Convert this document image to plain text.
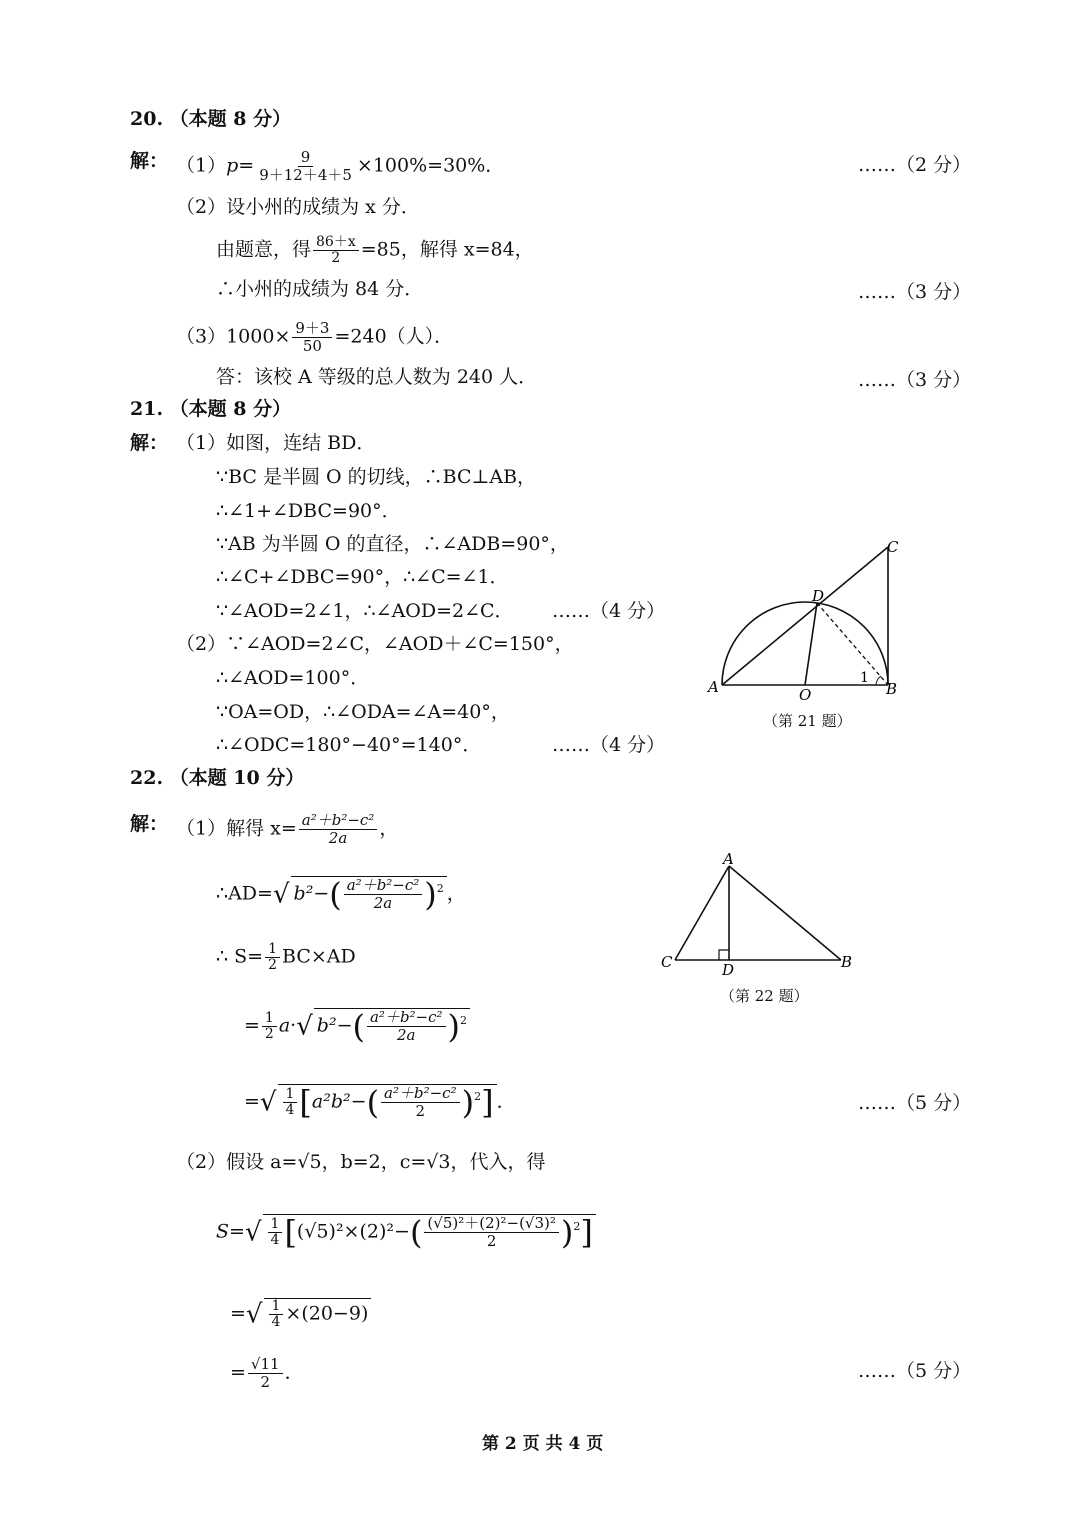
20. （本题 8 分）
解： $(1)p= \frac{9}{9+12+4+5} \times 100\%=30\%$．	……（2 分）
（2）设小州的成绩为 x 分．
由题意，得 $\frac{86+x}{2} =85$，解得 x=84，
∴小州的成绩为 84 分．	……（3 分）
$(3)1000\times \frac{9+3}{50} =240$（人）．
答：该校 A 等级的总人数为 240 人．	……（3 分）
21. （本题 8 分）
解： （1）如图，连结 BD．
∵BC 是半圆 O 的切线，∴BC⊥AB，
∴∠1+∠DBC=90°．
∵AB 为半圆 O 的直径，∴∠ADB=90°，
∴∠C+∠DBC=90°，∴∠C=∠1．
∵∠AOD=2∠1，∴∠AOD=2∠C． ……（4 分）
（2）∵∠AOD=2∠C，∠AOD＋∠C=150°，
∴∠AOD=100°．
∵OA=OD，∴∠ODA=∠A=40°，
∴∠ODC=180°−40°=140°．	……（4 分）
A	B
C
D
O
1
（第 21 题）
22. （本题 10 分）
解： （1）解得 $x= \frac{\text{a²＋b²−c²}}{2a}$ ，
∴AD=√ $b^2-( \frac{\text{a²＋b²−c²}}{2a} )^2$ ，
∴ $S= \frac{1}{2} BC\times AD$
= $\frac{1}{2} a\cdot√$ $b^2-( \frac{\text{a²＋b²−c²}}{2a} )^2$
=√ $\frac{1}{4} [a^2b^2-( \frac{\text{a²＋b²−c²}}{2} )^2]$ ．	……（5 分）
（2）假设 a=√5，b=2，c=√3，代入，得
$S=√ \frac{1}{4} [(√5)^2\times(2)^2-( \frac{\text{(√5)²＋(2)²−(√3)²}}{2} )^2]$
=√ $\frac{1}{4} \times(20-9)$
= $\frac{√11}{2}$ ．	……（5 分）
A
C	B
D
（第 22 题）
第 2 页 共 4 页
